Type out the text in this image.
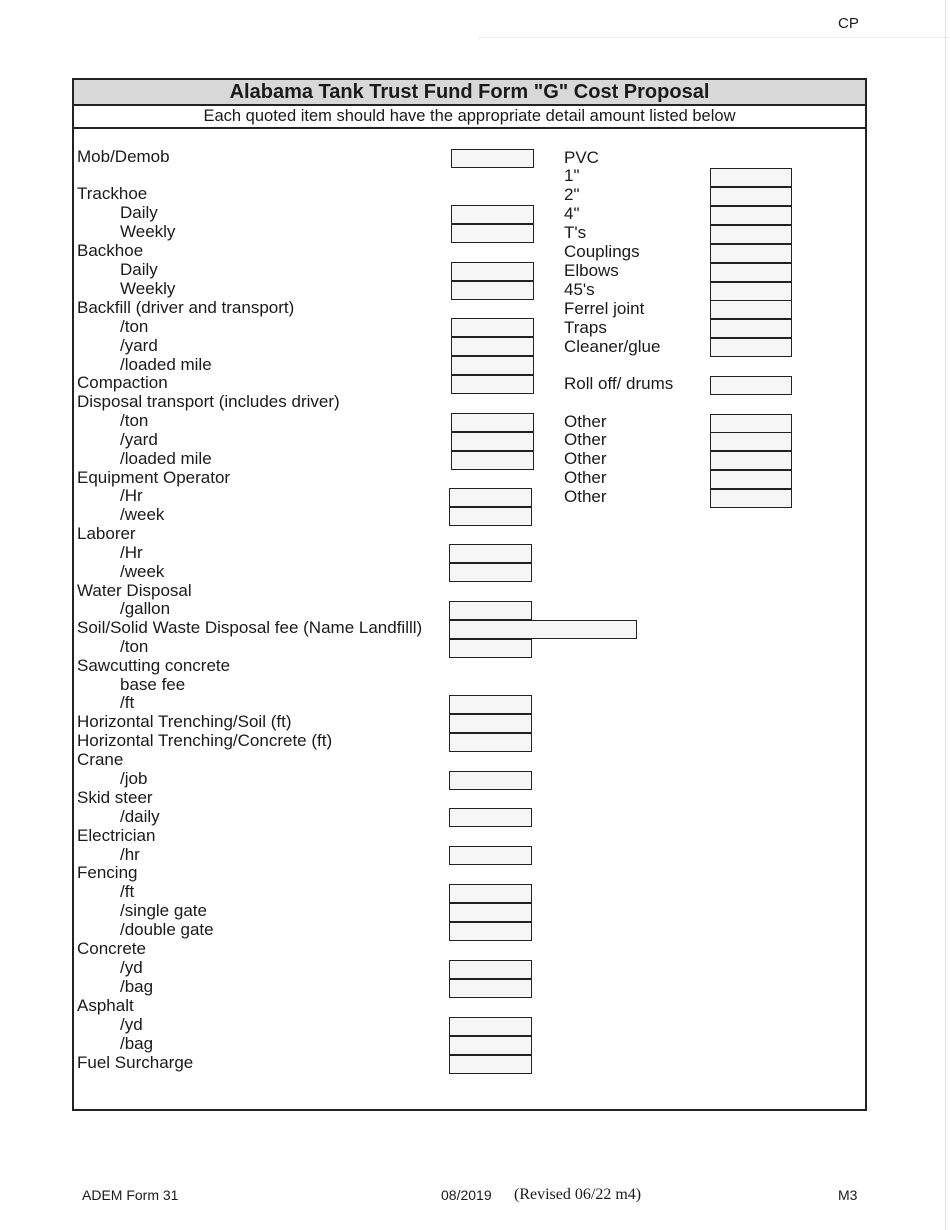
CP
Alabama Tank Trust Fund Form "G" Cost Proposal
Each quoted item should have the appropriate detail amount listed below
Mob/Demob
Trackhoe
Daily
Weekly
Backhoe
Daily
Weekly
Backfill (driver and transport)
/ton
/yard
/loaded mile
Compaction
Disposal transport (includes driver)
/ton
/yard
/loaded mile
Equipment Operator
/Hr
/week
Laborer
/Hr
/week
Water Disposal
/gallon
Soil/Solid Waste Disposal fee (Name Landfilll)
/ton
Sawcutting concrete
base fee
/ft
Horizontal Trenching/Soil (ft)
Horizontal Trenching/Concrete (ft)
Crane
/job
Skid steer
/daily
Electrician
/hr
Fencing
/ft
/single gate
/double gate
Concrete
/yd
/bag
Asphalt
/yd
/bag
Fuel Surcharge
PVC
1"
2"
4"
T's
Couplings
Elbows
45's
Ferrel joint
Traps
Cleaner/glue
Roll off/ drums
Other
Other
Other
Other
Other
ADEM Form 31	08/2019 (Revised 06/22 m4)	M3
